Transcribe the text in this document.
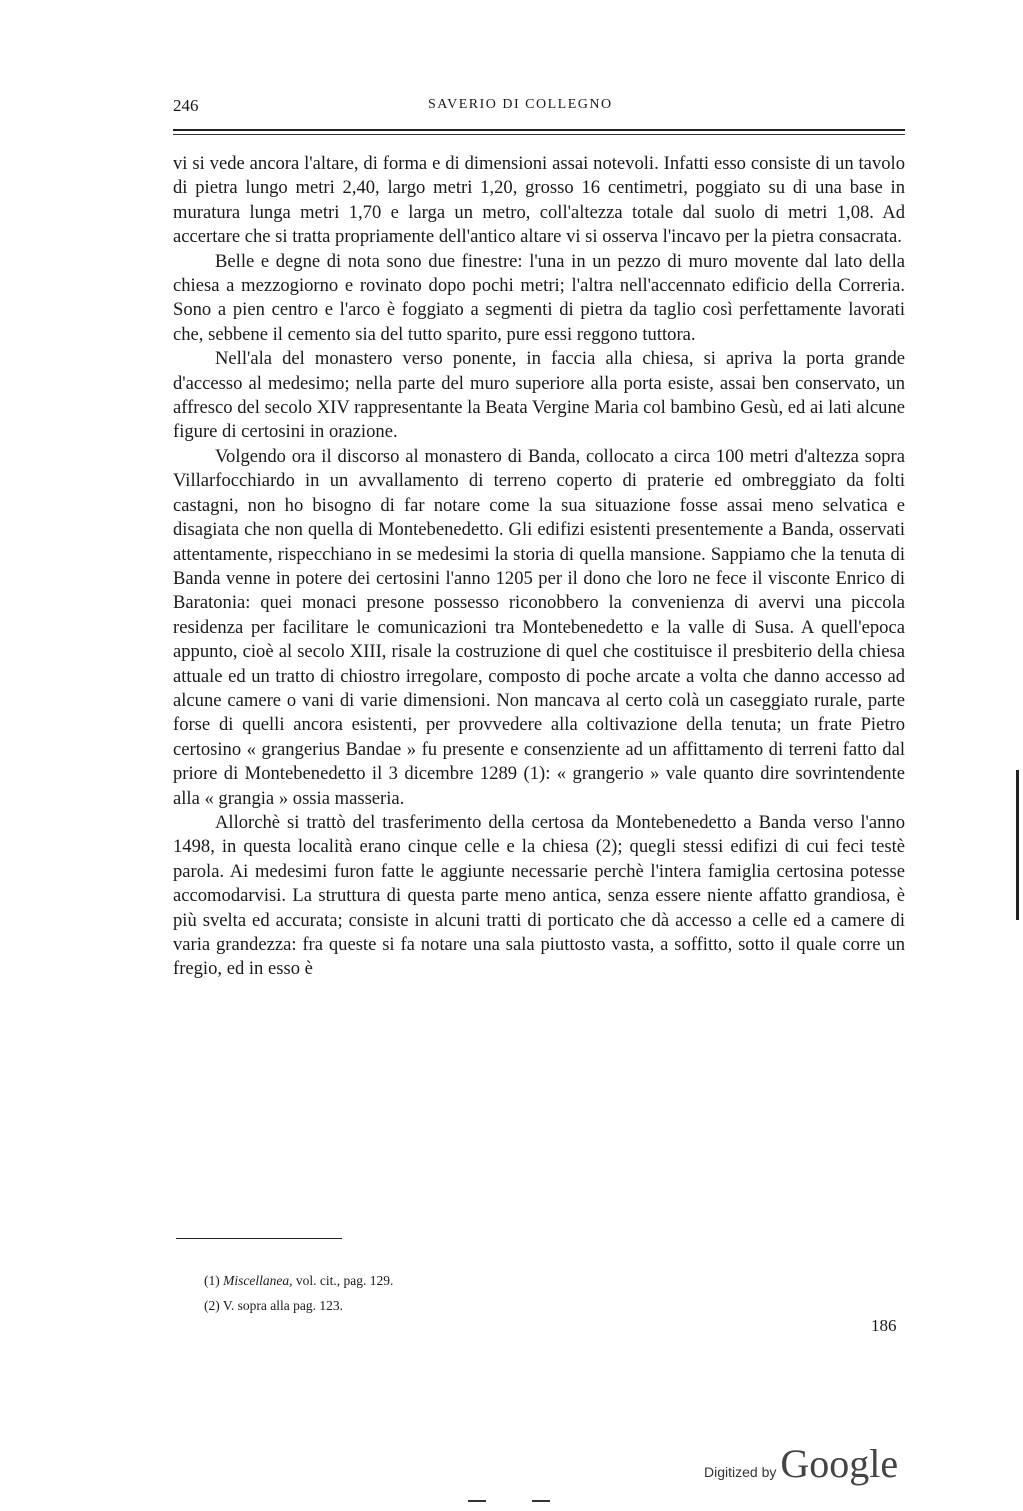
246	SAVERIO DI COLLEGNO

vi si vede ancora l'altare, di forma e di dimensioni assai notevoli. Infatti esso consiste di un tavolo di pietra lungo metri 2,40, largo metri 1,20, grosso 16 centimetri, poggiato su di una base in muratura lunga metri 1,70 e larga un metro, coll'altezza totale dal suolo di metri 1,08. Ad accertare che si tratta propriamente dell'antico altare vi si osserva l'incavo per la pietra consacrata.

Belle e degne di nota sono due finestre: l'una in un pezzo di muro movente dal lato della chiesa a mezzogiorno e rovinato dopo pochi metri; l'altra nell'accennato edificio della Correria. Sono a pien centro e l'arco è foggiato a segmenti di pietra da taglio così perfettamente lavorati che, sebbene il cemento sia del tutto sparito, pure essi reggono tuttora.

Nell'ala del monastero verso ponente, in faccia alla chiesa, si apriva la porta grande d'accesso al medesimo; nella parte del muro superiore alla porta esiste, assai ben conservato, un affresco del secolo XIV rappresentante la Beata Vergine Maria col bambino Gesù, ed ai lati alcune figure di certosini in orazione.

Volgendo ora il discorso al monastero di Banda, collocato a circa 100 metri d'altezza sopra Villarfocchiardo in un avvallamento di terreno coperto di praterie ed ombreggiato da folti castagni, non ho bisogno di far notare come la sua situazione fosse assai meno selvatica e disagiata che non quella di Montebenedetto. Gli edifizi esistenti presentemente a Banda, osservati attentamente, rispecchiano in se medesimi la storia di quella mansione. Sappiamo che la tenuta di Banda venne in potere dei certosini l'anno 1205 per il dono che loro ne fece il visconte Enrico di Baratonia: quei monaci presone possesso riconobbero la convenienza di avervi una piccola residenza per facilitare le comunicazioni tra Montebenedetto e la valle di Susa. A quell'epoca appunto, cioè al secolo XIII, risale la costruzione di quel che costituisce il presbiterio della chiesa attuale ed un tratto di chiostro irregolare, composto di poche arcate a volta che danno accesso ad alcune camere o vani di varie dimensioni. Non mancava al certo colà un caseggiato rurale, parte forse di quelli ancora esistenti, per provvedere alla coltivazione della tenuta; un frate Pietro certosino « grangerius Bandae » fu presente e consenziente ad un affittamento di terreni fatto dal priore di Montebenedetto il 3 dicembre 1289 (1): « grangerio » vale quanto dire sovrintendente alla « grangia » ossia masseria.

Allorchè si trattò del trasferimento della certosa da Montebenedetto a Banda verso l'anno 1498, in questa località erano cinque celle e la chiesa (2); quegli stessi edifizi di cui feci testè parola. Ai medesimi furon fatte le aggiunte necessarie perchè l'intera famiglia certosina potesse accomodarvisi. La struttura di questa parte meno antica, senza essere niente affatto grandiosa, è più svelta ed accurata; consiste in alcuni tratti di porticato che dà accesso a celle ed a camere di varia grandezza: fra queste si fa notare una sala piuttosto vasta, a soffitto, sotto il quale corre un fregio, ed in esso è

(1) Miscellanea, vol. cit., pag. 129.
(2) V. sopra alla pag. 123.
186
Digitized by Google
